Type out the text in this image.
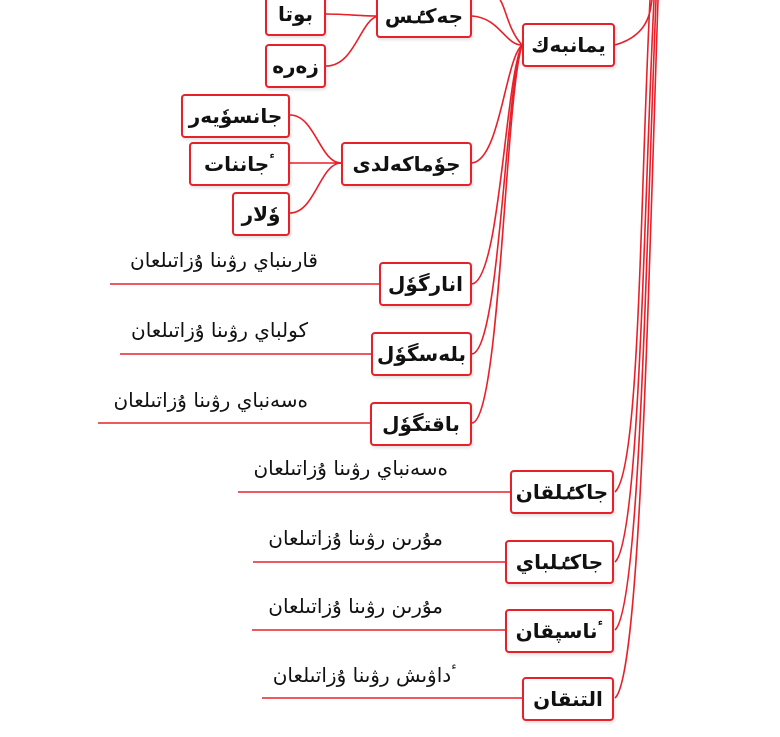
يمانبەك
جەكٸس
بوتا
زەرە
جوٗماكەلدى
جانسوٗيەر
ٴجاننات
وٗلار
انارگوٗل
بلەسگوٗل
باقتگوٗل
جاكٸلقان
جاكٸلباي
ٴناسپقان
التنقان
قارىنباي رۋىنا ۇزاتىلعان
كولباي رۋىنا ۇزاتىلعان
ەسەنباي رۋىنا ۇزاتىلعان
ەسەنباي رۋىنا ۇزاتىلعان
مۇرىن رۋىنا ۇزاتىلعان
مۇرىن رۋىنا ۇزاتىلعان
ٴداۋىش رۋىنا ۇزاتىلعان
